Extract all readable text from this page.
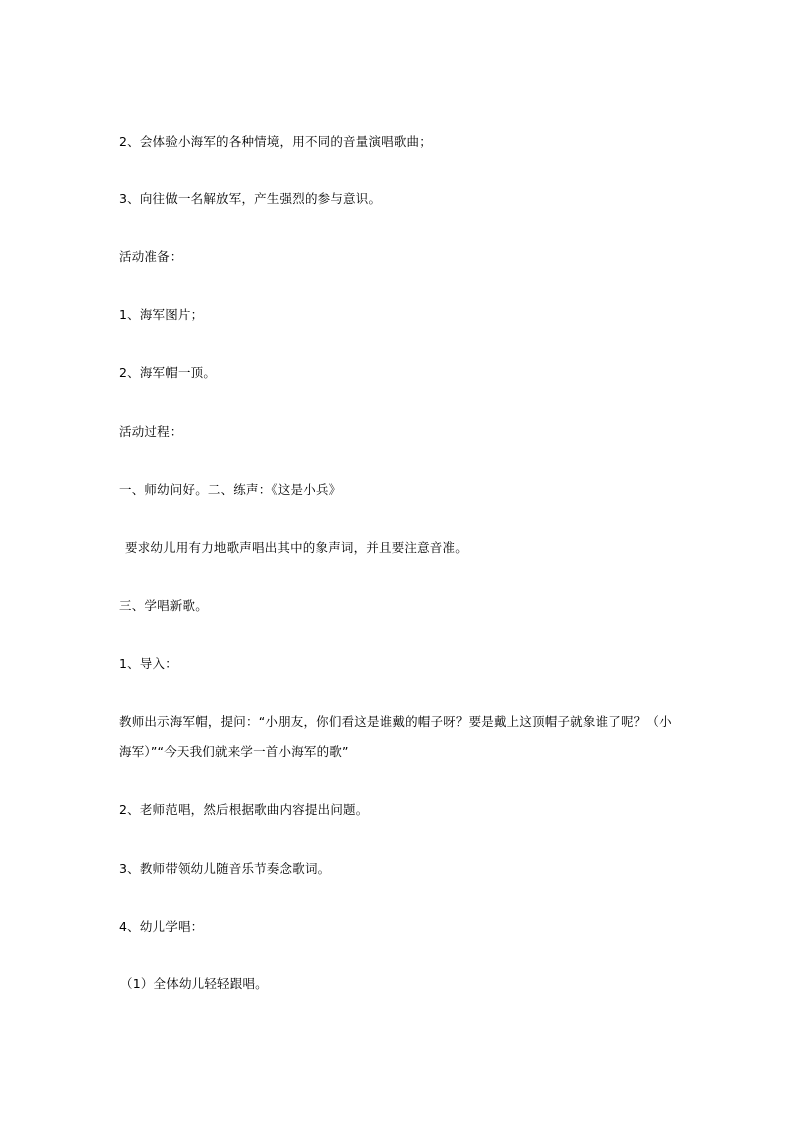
2、会体验小海军的各种情境，用不同的音量演唱歌曲；
3、向往做一名解放军，产生强烈的参与意识。
活动准备：
1、海军图片；
2、海军帽一顶。
活动过程：
一、师幼问好。二、练声：《这是小兵》
要求幼儿用有力地歌声唱出其中的象声词，并且要注意音准。
三、学唱新歌。
1、导入：
教师出示海军帽，提问：“小朋友，你们看这是谁戴的帽子呀？要是戴上这顶帽子就象谁了呢？（小海军）”“今天我们就来学一首小海军的歌”
2、老师范唱，然后根据歌曲内容提出问题。
3、教师带领幼儿随音乐节奏念歌词。
4、幼儿学唱：
（1）全体幼儿轻轻跟唱。
